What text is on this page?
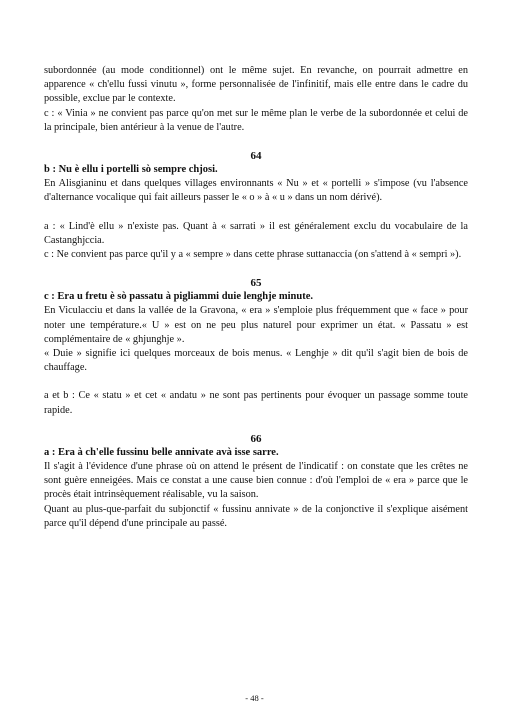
subordonnée (au mode conditionnel) ont le même sujet. En revanche, on pourrait admettre en apparence « ch'ellu fussi vinutu », forme personnalisée de l'infinitif, mais elle entre dans le cadre du possible, exclue par le contexte.

c : « Vinia » ne convient pas parce qu'on met sur le même plan le verbe de la subordonnée et celui de la principale, bien antérieur à la venue de l'autre.

64
b : Nu è ellu i portelli sò sempre chjosi.

En Alisgianinu et dans quelques villages environnants « Nu » et « portelli » s'impose (vu l'absence d'alternance vocalique qui fait ailleurs passer le « o » à « u » dans un nom dérivé).

a : « Lind'è ellu » n'existe pas. Quant à « sarrati » il est généralement exclu du vocabulaire de la Castanghjccia.

c : Ne convient pas parce qu'il y a « sempre » dans cette phrase suttanaccia (on s'attend à « sempri »).

65
c : Era u fretu è sò passatu à pigliammi duie lenghje minute.

En Viculacciu et dans la vallée de la Gravona, « era » s'emploie plus fréquemment que « face » pour noter une température.« U » est on ne peu plus naturel pour exprimer un état. « Passatu » est complémentaire de « ghjunghje ».

« Duie » signifie ici quelques morceaux de bois menus. « Lenghje » dit qu'il s'agit bien de bois de chauffage.

a et b : Ce « statu » et cet « andatu » ne sont pas pertinents pour évoquer un passage somme toute rapide.

66
a : Era à ch'elle fussinu belle annivate avà isse sarre.

Il s'agit à l'évidence d'une phrase où on attend le présent de l'indicatif : on constate que les crêtes ne sont guère enneigées. Mais ce constat a une cause bien connue : d'où l'emploi de « era » parce que le procès était intrinsèquement réalisable, vu la saison.

Quant au plus-que-parfait du subjonctif « fussinu annivate » de la conjonctive il s'explique aisément parce qu'il dépend d'une principale au passé.

- 48 -
